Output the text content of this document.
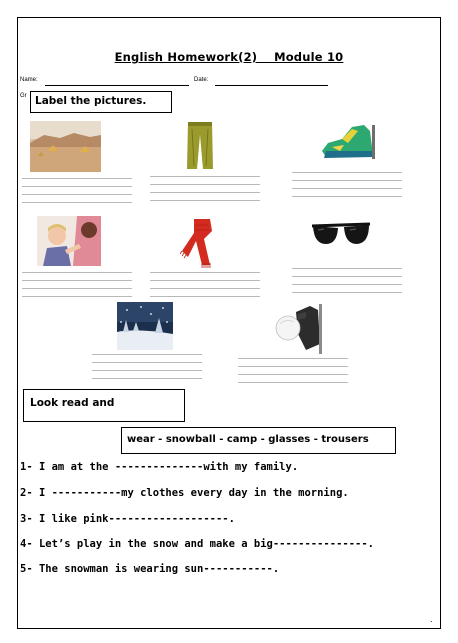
English Homework(2)    Module 10
Name:	Date:
Gr Label the pictures.
Look read and
wear - snowball - camp - glasses - trousers
1- I am at the --------------with my family.
2- I -----------my clothes every day in the morning.
3- I like pink-------------------.
4- Let’s play in the snow and make a big---------------.
5- The snowman is wearing sun-----------.
.
